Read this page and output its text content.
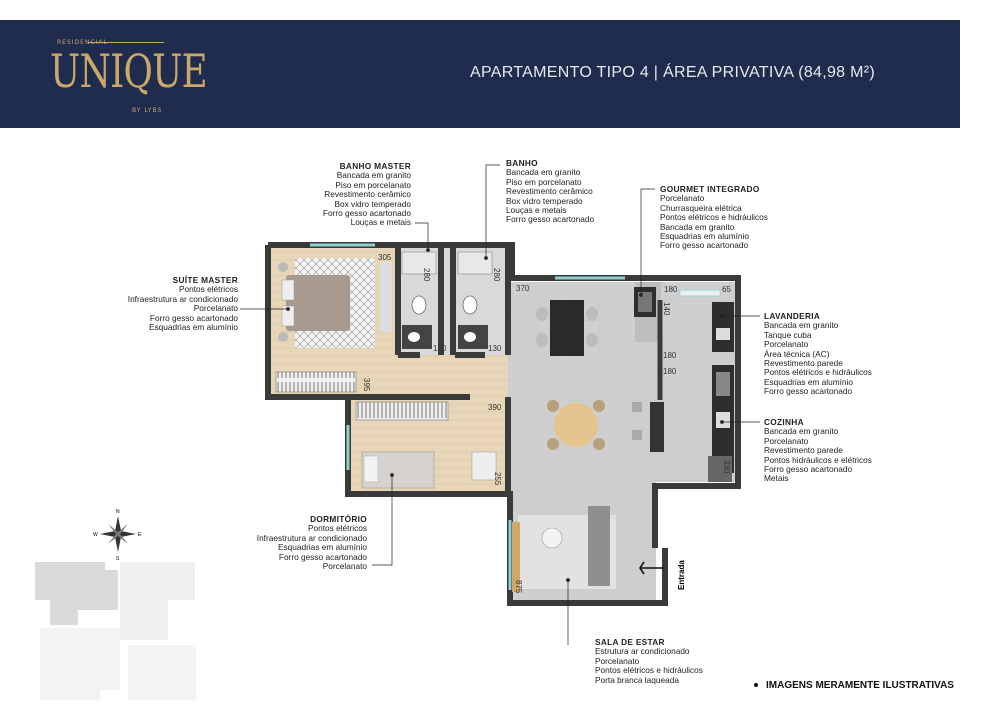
RESIDENCIAL
UNIQUE
BY LYBS
APARTAMENTO TIPO 4 | ÁREA PRIVATIVA (84,98 M²)
Entrada
305
280	280
370	180	65
140
130	130
180
180
395
390
255
330
875
N
S
E
W
BANHO MASTER
Bancada em granito
Piso em porcelanato
Revestimento cerâmico
Box vidro temperado
Forro gesso acartonado
Louças e metais
BANHO
Bancada em granito
Piso em porcelanato
Revestimento cerâmico
Box vidro temperado
Louças e metais
Forro gesso acartonado
GOURMET INTEGRADO
Porcelanato
Churrasqueira elétrica
Pontos elétricos e hidráulicos
Bancada em granito
Esquadrias em alumínio
Forro gesso acartonado
SUÍTE MASTER
Pontos elétricos
Infraestrutura ar condicionado
Porcelanato
Forro gesso acartonado
Esquadrias em alumínio
LAVANDERIA
Bancada em granito
Tanque cuba
Porcelanato
Área técnica (AC)
Revestimento parede
Pontos elétricos e hidráulicos
Esquadrias em alumínio
Forro gesso acartonado
COZINHA
Bancada em granito
Porcelanato
Revestimento parede
Pontos hidráulicos e elétricos
Forro gesso acartonado
Metais
DORMITÓRIO
Pontos elétricos
Infraestrutura ar condicionado
Esquadrias em alumínio
Forro gesso acartonado
Porcelanato
SALA DE ESTAR
Estrutura ar condicionado
Porcelanato
Pontos elétricos e hidráulicos
Porta branca laqueada
IMAGENS MERAMENTE ILUSTRATIVAS
